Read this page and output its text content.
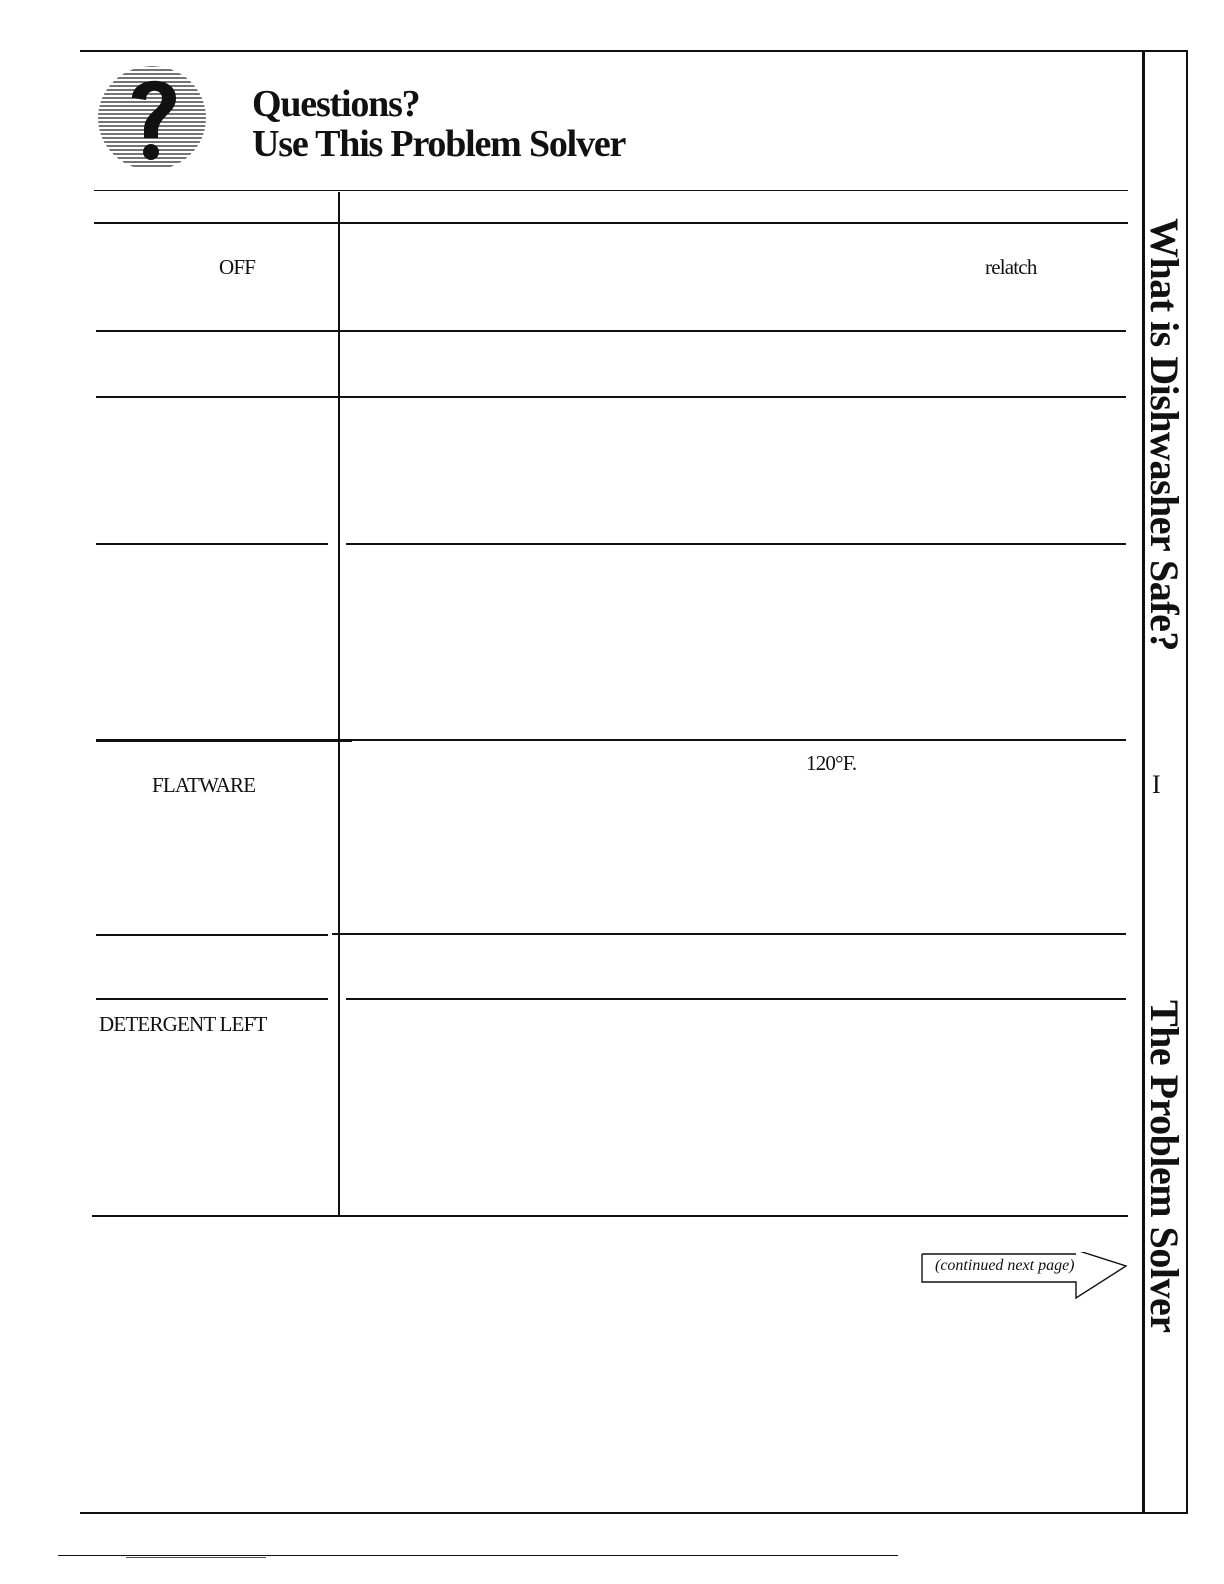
Questions?
Use This Problem Solver
OFF	relatch
FLATWARE
120°F.
DETERGENT LEFT
(continued next page)
What is Dishwasher Safe?
I
The Problem Solver
